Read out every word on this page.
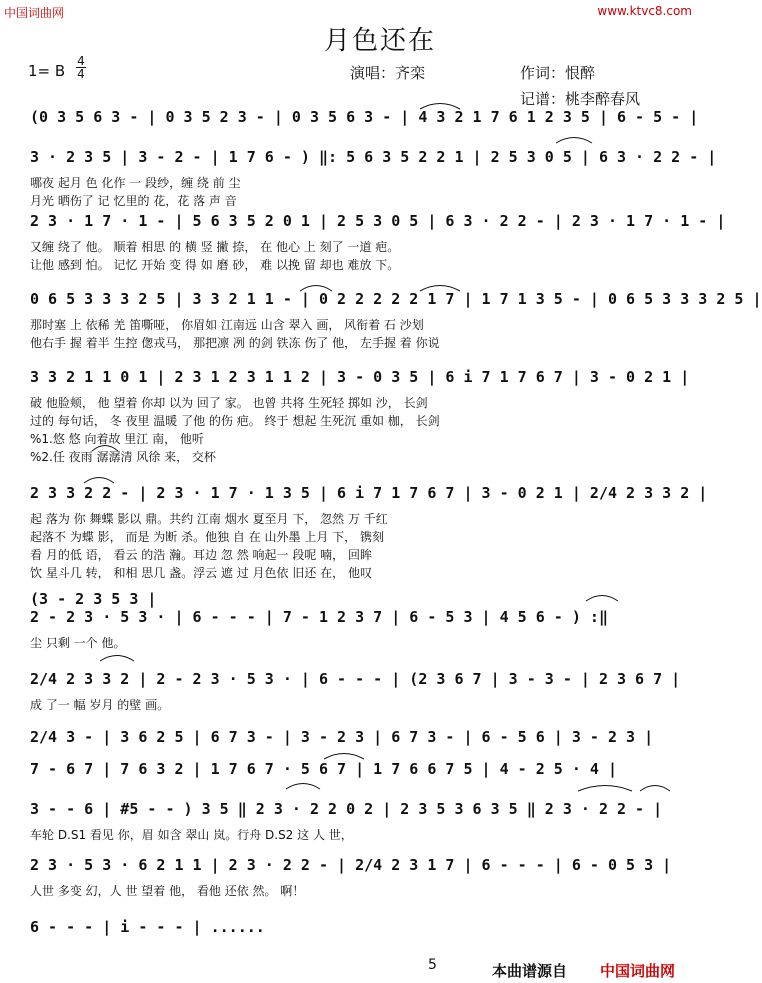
中国词曲网	www.ktvc8.com
月色还在
1= B
4
4	演唱：齐栾	作词：恨醉
记谱：桃李醉春风
(0 3 5 6 3 - | 0 3 5 2 3 - | 0 3 5 6 3 - | 4 3 2 1 7 6 1 2 3 5 | 6 - 5 - |
3 · 2 3 5 | 3 - 2 - | 1 7 6 - ) ‖: 5 6 3 5 2 2 1 | 2 5 3 0 5 | 6 3 · 2 2 - |
哪夜 起月 色 化作 一 段纱，缠 绕 前 尘
月光 晒伤了 记 忆里的 花，花 落 声 音
2 3 · 1 7 · 1 - | 5 6 3 5 2 0 1 | 2 5 3 0 5 | 6 3 · 2 2 - | 2 3 · 1 7 · 1 - |
又缠 绕了 他。 顺着 相思 的 横 竖 撇 捺， 在 他心 上 刻了 一道 疤。
让他 感到 怕。 记忆 开始 变 得 如 磨 砂， 难 以挽 留 却也 难放 下。
0 6 5 3 3 3 2 5 | 3 3 2 1 1 - | 0 2 2 2 2 2 1 7 | 1 7 1 3 5 - | 0 6 5 3 3 3 2 5 |
那时塞 上 依稀 羌 笛嘶哑， 你眉如 江南远 山含 翠入 画， 风衔着 石 沙划
他右手 握 着半 生控 偬戎马， 那把凛 冽 的剑 铁冻 伤了 他， 左手握 着 你说
3 3 2 1 1 0 1 | 2 3 1 2 3 1 1 2 | 3 - 0 3 5 | 6 i 7 1 7 6 7 | 3 - 0 2 1 |
破 他脸颊， 他 望着 你却 以为 回了 家。 也曾 共将 生死轻 掷如 沙， 长剑
过的 每句话， 冬 夜里 温暖 了他 的伤 疤。 终于 想起 生死沉 重如 枷， 长剑
%1.悠 悠 向着故 里江 南， 他听
%2.任 夜雨 潺潺清 风徐 来， 交杯
2 3 3 2 2 - | 2 3 · 1 7 · 1 3 5 | 6 i 7 1 7 6 7 | 3 - 0 2 1 | 2/4 2 3 3 2 |
起 落为 你 舞蝶 影以 鼎。共约 江南 烟水 夏至月 下， 忽然 万 千红
起落不 为蝶 影， 而是 为断 杀。他独 自 在 山外墨 上月 下， 镌刻
看 月的低 语， 看云 的浩 瀚。耳边 忽 然 响起一 段呢 喃， 回眸
饮 星斗几 转， 和相 思几 盏。浮云 遮 过 月色依 旧还 在， 他叹
(3 - 2 3 5 3 |
2 - 2 3 · 5 3 · | 6 - - - | 7 - 1 2 3 7 | 6 - 5 3 | 4 5 6 - ) :‖
尘 只剩 一个 他。
2/4 2 3 3 2 | 2 - 2 3 · 5 3 · | 6 - - - | (2 3 6 7 | 3 - 3 - | 2 3 6 7 |
成 了一 幅 岁月 的壁 画。
2/4 3 - | 3 6 2 5 | 6 7 3 - | 3 - 2 3 | 6 7 3 - | 6 - 5 6 | 3 - 2 3 |
7 - 6 7 | 7 6 3 2 | 1 7 6 7 · 5 6 7 | 1 7 6 6 7 5 | 4 - 2 5 · 4 |
3 - - 6 | #5 - - ) 3 5 ‖ 2 3 · 2 2 0 2 | 2 3 5 3 6 3 5 ‖ 2 3 · 2 2 - |
车轮 D.S1 看见 你，眉 如含 翠山 岚。行舟 D.S2 这 人 世，
2 3 · 5 3 · 6 2 1 1 | 2 3 · 2 2 - | 2/4 2 3 1 7 | 6 - - - | 6 - 0 5 3 |
人世 多变 幻，人 世 望着 他， 看他 还依 然。 啊！
6 - - - | i - - - | ......
5	本曲谱源自 中国词曲网
